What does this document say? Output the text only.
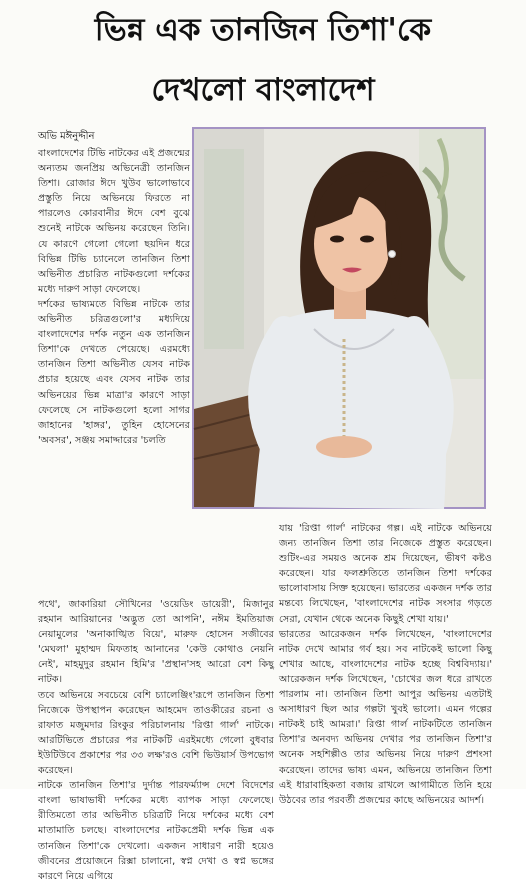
ভিন্ন এক তানজিন তিশা'কে
দেখলো বাংলাদেশ
অভি মঈনুদ্দীন

বাংলাদেশের টিভি নাটকের এই প্রজন্মের অন্যতম জনপ্রিয় অভিনেত্রী তানজিন তিশা। রোজার ঈদে খুউব ভালোভাবে প্রস্তুতি নিয়ে অভিনয়ে ফিরতে না পারলেও কোরবানীর ঈদে বেশ বুঝে শুনেই নাটকে অভিনয় করেছেন তিনি। যে কারণে গেলো গেলো ছয়দিন ধরে বিভিন্ন টিভি চ্যানেলে তানজিন তিশা অভিনীত প্রচারিত নাটকগুলো দর্শকের মধ্যে দারুণ সাড়া ফেলেছে।

দর্শকের ভাষ্যমতে বিভিন্ন নাটকে তার অভিনীত চরিত্রগুলো'র মধ্যদিয়ে বাংলাদেশের দর্শক নতুন এক তানজিন তিশা'কে দেখতে পেয়েছে। এরমধ্যে তানজিন তিশা অভিনীত যেসব নাটক প্রচার হয়েছে এবং যেসব নাটক তার অভিনয়ের ভিন্ন মাত্রা'র কারণে সাড়া ফেলেছে সে নাটকগুলো হলো সাগর জাহানের 'হাঙ্গর', তুহিন হোসেনের 'অবসর', সঞ্জয় সমাদ্দারের 'চলতি

পথে', জাকারিয়া সৌখিনের 'ওয়েডিং ডায়েরী', মিজানুর রহমান আরিয়ানের 'অদ্ভুত তো আপনি', নঈম ইমতিয়াজ নেয়ামুলের 'অনাকাঙ্খিত বিয়ে', মারুফ হোসেন সজীবের 'মেঘলা' মুহাম্মদ মিফতাহ আনানের 'কেউ কোথাও নেয়নি নেই', মাহমুদুর রহমান হিমি'র 'প্রস্থান'সহ আরো বেশ কিছু নাটক।

তবে অভিনয়ে সবচেয়ে বেশি চ্যালেঞ্জিং'রূপে তানজিন তিশা নিজেকে উপস্থাপন করেছেন আহমেদ তাওকীরের রচনা ও রাফাত মজুমদার রিংকুর পরিচালনায় 'রিপ্তা গার্ল' নাটকে। আরটিভিতে প্রচারের পর নাটকটি এরইমধ্যে গেলো বুধবার ইউটিউবে প্রকাশের পর ৩৩ লক্ষ'রও বেশি ভিউয়ার্স উপভোগ করেছেন।

নাটকে তানজিন তিশা'র দুর্দান্ত পারফর্ম্যান্স দেশে বিদেশের বাংলা ভাষাভাষী দর্শকের মধ্যে ব্যাপক সাড়া ফেলেছে। রীতিমতো তার অভিনীত চরিত্রটি নিয়ে দর্শকের মধ্যে বেশ মাতামাতি চলছে। বাংলাদেশের নাটকপ্রেমী দর্শক ভিন্ন এক তানজিন তিশা'কে দেখলো। একজন সাধারণ নারী হয়েও জীবনের প্রয়োজনে রিক্সা চালানো, স্বপ্ন দেখা ও স্বপ্ন ভঙ্গের কারণে নিয়ে এগিয়ে

যায় 'রিপ্তা গার্ল' নাটকের গল্প। এই নাটকে অভিনয়ে জন্য তানজিন তিশা তার নিজেকে প্রস্তুত করেছেন। শুটিং-এর সময়ও অনেক শ্রম দিয়েছেন, ভীষণ কষ্টও করেছেন। যার ফলশ্রুতিতে তানজিন তিশা দর্শকের ভালোবাসায় সিক্ত হয়েছেন। ভারতের একজন দর্শক তার মন্তব্যে লিখেছেন, 'বাংলাদেশের নাটক সংসার গড়তে সেরা, যেখান থেকে অনেক কিছুই শেখা যায়।'

ভারতের আরেকজন দর্শক লিখেছেন, 'বাংলাদেশের নাটক দেখে আমার গর্ব হয়। সব নাটকেই ভালো কিছু শেখার আছে, বাংলাদেশের নাটক হচ্ছে বিশ্ববিদ্যায়।' আরেকজন দর্শক লিখেছেন, 'চোখের জল ধরে রাখতে পারলাম না। তানজিন তিশা আপুর অভিনয় এতটাই অসাধারণ ছিল আর গল্পটা খুবই ভালো। এমন গল্পের নাটকই চাই আমরা।' রিপ্তা গার্ল নাটকটিতে তানজিন তিশা'র অনবদ্য অভিনয় দেখার পর তানজিন তিশা'র অনেক সহশিল্পীও তার অভিনয় নিয়ে দারুণ প্রশংসা করেছেন। তাদের ভাষ্য এমন, অভিনয়ে তানজিন তিশা এই ধারাবাহিকতা বজায় রাখলে আগামীতে তিনি হয়ে উঠবের তার পরবর্তী প্রজন্মের কাছে অভিনয়ের আদর্শ।
